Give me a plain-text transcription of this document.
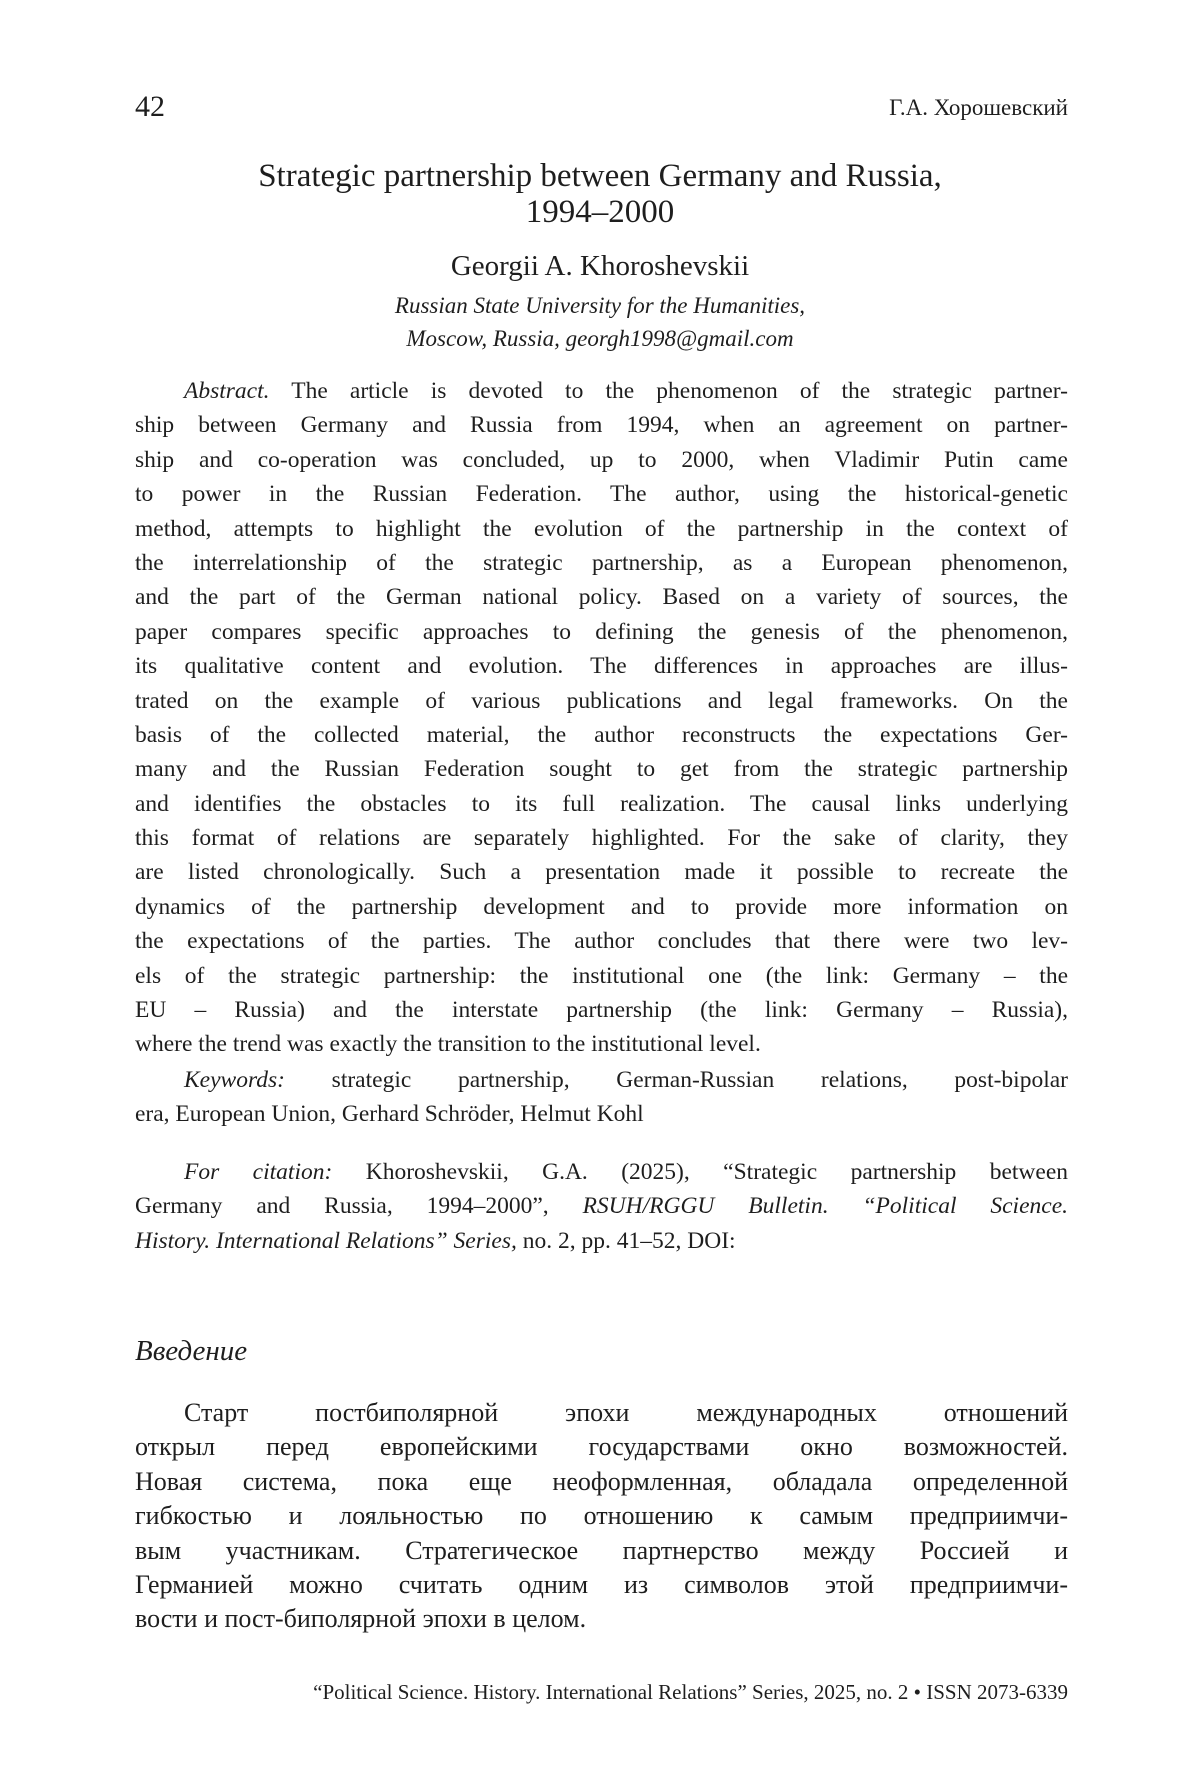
42	Г.А. Хорошевский
Strategic partnership between Germany and Russia,
1994–2000
Georgii A. Khoroshevskii
Russian State University for the Humanities,
Moscow, Russia, georgh1998@gmail.com
Abstract. The article is devoted to the phenomenon of the strategic partner-
ship between Germany and Russia from 1994, when an agreement on partner-
ship and co-operation was concluded, up to 2000, when Vladimir Putin came
to power in the Russian Federation. The author, using the historical-genetic
method, attempts to highlight the evolution of the partnership in the context of
the interrelationship of the strategic partnership, as a European phenomenon,
and the part of the German national policy. Based on a variety of sources, the
paper compares specific approaches to defining the genesis of the phenomenon,
its qualitative content and evolution. The differences in approaches are illus-
trated on the example of various publications and legal frameworks. On the
basis of the collected material, the author reconstructs the expectations Ger-
many and the Russian Federation sought to get from the strategic partnership
and identifies the obstacles to its full realization. The causal links underlying
this format of relations are separately highlighted. For the sake of clarity, they
are listed chronologically. Such a presentation made it possible to recreate the
dynamics of the partnership development and to provide more information on
the expectations of the parties. The author concludes that there were two lev-
els of the strategic partnership: the institutional one (the link: Germany – the
EU – Russia) and the interstate partnership (the link: Germany – Russia),
where the trend was exactly the transition to the institutional level.
Keywords: strategic partnership, German-Russian relations, post-bipolar
era, European Union, Gerhard Schröder, Helmut Kohl
For citation: Khoroshevskii, G.A. (2025), “Strategic partnership between
Germany and Russia, 1994–2000”, RSUH/RGGU Bulletin. “Political Science.
History. International Relations” Series, no. 2, pp. 41–52, DOI:
Введение
Старт постбиполярной эпохи международных отношений
открыл перед европейскими государствами окно возможностей.
Новая система, пока еще неоформленная, обладала определенной
гибкостью и лояльностью по отношению к самым предприимчи-
вым участникам. Стратегическое партнерство между Россией и
Германией можно считать одним из символов этой предприимчи-
вости и пост-биполярной эпохи в целом.
“Political Science. History. International Relations” Series, 2025, no. 2 • ISSN 2073-6339
